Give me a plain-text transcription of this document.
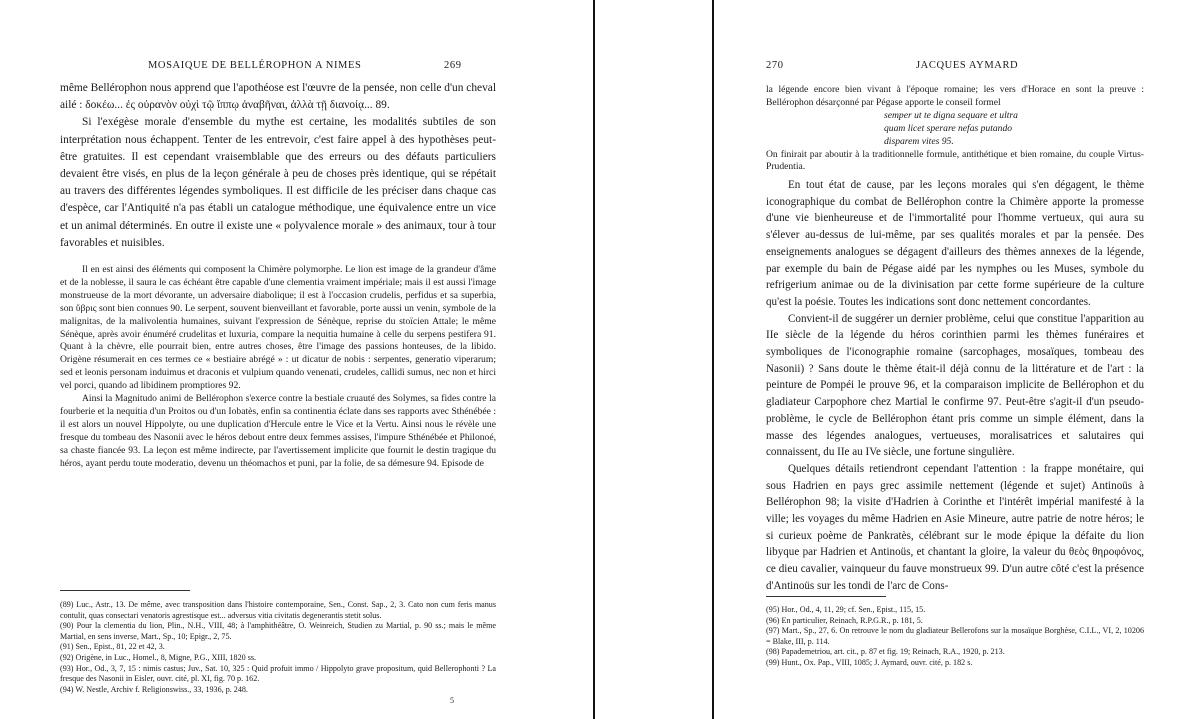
MOSAIQUE DE BELLÉROPHON A NIMES	269

même Bellérophon nous apprend que l'apothéose est l'œuvre de la pensée, non celle d'un cheval ailé : δοκέω... ἐς οὐρανὸν οὐχὶ τῷ ἵππῳ ἀναβῆναι, ἀλλὰ τῇ διανοίᾳ... 89.

Si l'exégèse morale d'ensemble du mythe est certaine, les modalités subtiles de son interprétation nous échappent. Tenter de les entrevoir, c'est faire appel à des hypothèses peut-être gratuites. Il est cependant vraisemblable que des erreurs ou des défauts particuliers devaient être visés, en plus de la leçon générale à peu de choses près identique, qui se répétait au travers des différentes légendes symboliques. Il est difficile de les préciser dans chaque cas d'espèce, car l'Antiquité n'a pas établi un catalogue méthodique, une équivalence entre un vice et un animal déterminés. En outre il existe une « polyvalence morale » des animaux, tour à tour favorables et nuisibles.

Il en est ainsi des éléments qui composent la Chimère polymorphe. Le lion est image de la grandeur d'âme et de la noblesse, il saura le cas échéant être capable d'une clementia vraiment impériale; mais il est aussi l'image monstrueuse de la mort dévorante, un adversaire diabolique; il est à l'occasion crudelis, perfidus et sa superbia, son ὕβρις sont bien connues 90. Le serpent, souvent bienveillant et favorable, porte aussi un venin, symbole de la malignitas, de la malivolentia humaines, suivant l'expression de Sénèque, reprise du stoïcien Attale; le même Sénèque, après avoir énuméré crudelitas et luxuria, compare la nequitia humaine à celle du serpens pestifera 91. Quant à la chèvre, elle pourrait bien, entre autres choses, être l'image des passions honteuses, de la libido. Origène résumerait en ces termes ce « bestiaire abrégé » : ut dicatur de nobis : serpentes, generatio viperarum; sed et leonis personam induimus et draconis et vulpium quando venenati, crudeles, callidi sumus, nec non et hirci vel porci, quando ad libidinem promptiores 92.

Ainsi la Magnitudo animi de Bellérophon s'exerce contre la bestiale cruauté des Solymes, sa fides contre la fourberie et la nequitia d'un Proitos ou d'un Iobatès, enfin sa continentia éclate dans ses rapports avec Sthénébée : il est alors un nouvel Hippolyte, ou une duplication d'Hercule entre le Vice et la Vertu. Ainsi nous le révèle une fresque du tombeau des Nasonii avec le héros debout entre deux femmes assises, l'impure Sthénébée et Philonoé, sa chaste fiancée 93. La leçon est même indirecte, par l'avertissement implicite que fournit le destin tragique du héros, ayant perdu toute moderatio, devenu un théomachos et puni, par la folie, de sa démesure 94. Episode de

(89) Luc., Astr., 13. De même, avec transposition dans l'histoire contemporaine, Sen., Const. Sap., 2, 3. Cato non cum feris manus contulit, quas consectari venatoris agrestisque est... adversus vitia civitatis degenerantis stetit solus.

(90) Pour la clementia du lion, Plin., N.H., VIII, 48; à l'amphithéâtre, O. Weinreich, Studien zu Martial, p. 90 ss.; mais le même Martial, en sens inverse, Mart., Sp., 10; Epigr., 2, 75.

(91) Sen., Epist., 81, 22 et 42, 3.

(92) Origène, in Luc., Homel., 8, Migne, P.G., XIII, 1820 ss.

(93) Hor., Od., 3, 7, 15 : nimis castus; Juv., Sat. 10, 325 : Quid profuit immo / Hippolyto grave propositum, quid Bellerophonti ? La fresque des Nasonii in Eisler, ouvr. cité, pl. XI, fig. 70 p. 162.

(94) W. Nestle, Archiv f. Religionswiss., 33, 1936, p. 248.

5
270	JACQUES AYMARD

la légende encore bien vivant à l'époque romaine; les vers d'Horace en sont la preuve : Bellérophon désarçonné par Pégase apporte le conseil formel

semper ut te digna sequare et ultra

quam licet sperare nefas putando

disparem vites 95.

On finirait par aboutir à la traditionnelle formule, antithétique et bien romaine, du couple Virtus-Prudentia.

En tout état de cause, par les leçons morales qui s'en dégagent, le thème iconographique du combat de Bellérophon contre la Chimère apporte la promesse d'une vie bienheureuse et de l'immortalité pour l'homme vertueux, qui aura su s'élever au-dessus de lui-même, par ses qualités morales et par la pensée. Des enseignements analogues se dégagent d'ailleurs des thèmes annexes de la légende, par exemple du bain de Pégase aidé par les nymphes ou les Muses, symbole du refrigerium animae ou de la divinisation par cette forme supérieure de la culture qu'est la poésie. Toutes les indications sont donc nettement concordantes.

Convient-il de suggérer un dernier problème, celui que constitue l'apparition au IIe siècle de la légende du héros corinthien parmi les thèmes funéraires et symboliques de l'iconographie romaine (sarcophages, mosaïques, tombeau des Nasonii) ? Sans doute le thème était-il déjà connu de la littérature et de l'art : la peinture de Pompéi le prouve 96, et la comparaison implicite de Bellérophon et du gladiateur Carpophore chez Martial le confirme 97. Peut-être s'agit-il d'un pseudo-problème, le cycle de Bellérophon étant pris comme un simple élément, dans la masse des légendes analogues, vertueuses, moralisatrices et salutaires qui connaissent, du IIe au IVe siècle, une fortune singulière.

Quelques détails retiendront cependant l'attention : la frappe monétaire, qui sous Hadrien en pays grec assimile nettement (légende et sujet) Antinoüs à Bellérophon 98; la visite d'Hadrien à Corinthe et l'intérêt impérial manifesté à la ville; les voyages du même Hadrien en Asie Mineure, autre patrie de notre héros; le si curieux poème de Pankratès, célébrant sur le mode épique la défaite du lion libyque par Hadrien et Antinoüs, et chantant la gloire, la valeur du θεὸς θηροφόνος, ce dieu cavalier, vainqueur du fauve monstrueux 99. D'un autre côté c'est la présence d'Antinoüs sur les tondi de l'arc de Cons-

(95) Hor., Od., 4, 11, 29; cf. Sen., Epist., 115, 15.

(96) En particulier, Reinach, R.P.G.R., p. 181, 5.

(97) Mart., Sp., 27, 6. On retrouve le nom du gladiateur Bellerofons sur la mosaïque Borghèse, C.I.L., VI, 2, 10206 = Blake, III, p. 114.

(98) Papademetriou, art. cit., p. 87 et fig. 19; Reinach, R.A., 1920, p. 213.

(99) Hunt., Ox. Pap., VIII, 1085; J. Aymard, ouvr. cité, p. 182 s.
